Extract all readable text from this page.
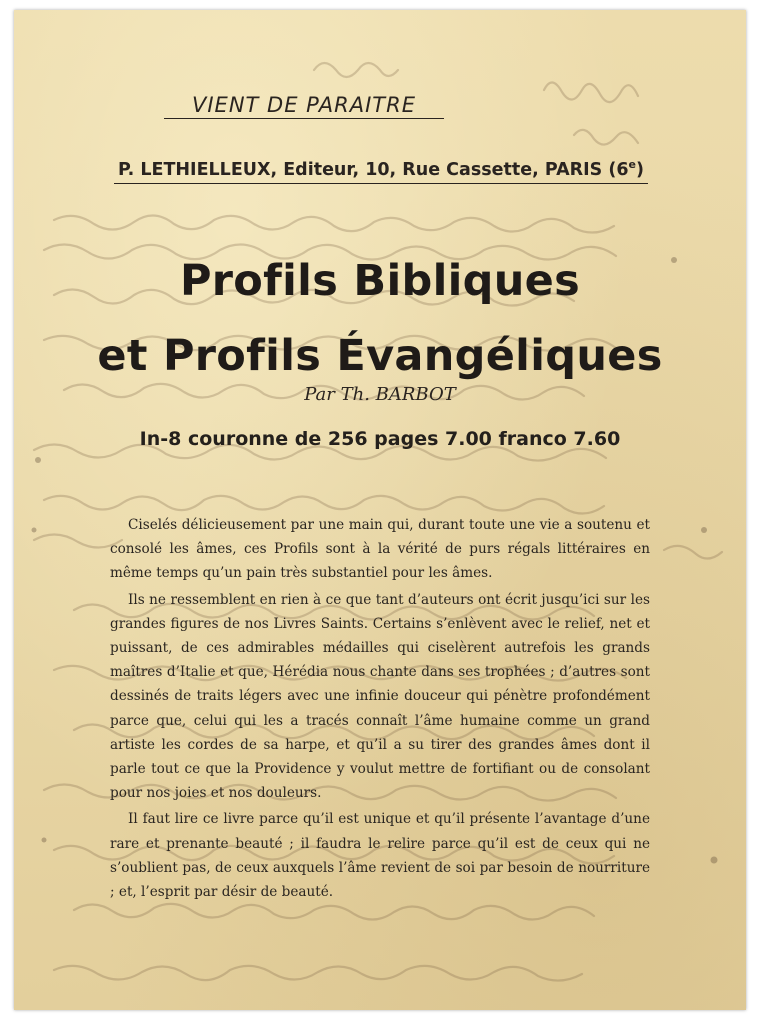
VIENT DE PARAITRE
P. LETHIELLEUX, Editeur, 10, Rue Cassette, PARIS (6e)
Profils Bibliques
et Profils Évangéliques
Par Th. BARBOT
In-8 couronne de 256 pages 7.00 franco 7.60

Ciselés délicieusement par une main qui, durant toute une vie a soutenu et consolé les âmes, ces Profils sont à la vérité de purs régals littéraires en même temps qu’un pain très substantiel pour les âmes.

Ils ne ressemblent en rien à ce que tant d’auteurs ont écrit jusqu’ici sur les grandes figures de nos Livres Saints. Certains s’enlèvent avec le relief, net et puissant, de ces admirables médailles qui ciselèrent autrefois les grands maîtres d’Italie et que, Hérédia nous chante dans ses trophées ; d’autres sont dessinés de traits légers avec une infinie douceur qui pénètre profondément parce que, celui qui les a tracés connaît l’âme humaine comme un grand artiste les cordes de sa harpe, et qu’il a su tirer des grandes âmes dont il parle tout ce que la Providence y voulut mettre de fortifiant ou de consolant pour nos joies et nos douleurs.

Il faut lire ce livre parce qu’il est unique et qu’il présente l’avantage d’une rare et prenante beauté ; il faudra le relire parce qu’il est de ceux qui ne s’oublient pas, de ceux auxquels l’âme revient de soi par besoin de nourriture ; et, l’esprit par désir de beauté.
